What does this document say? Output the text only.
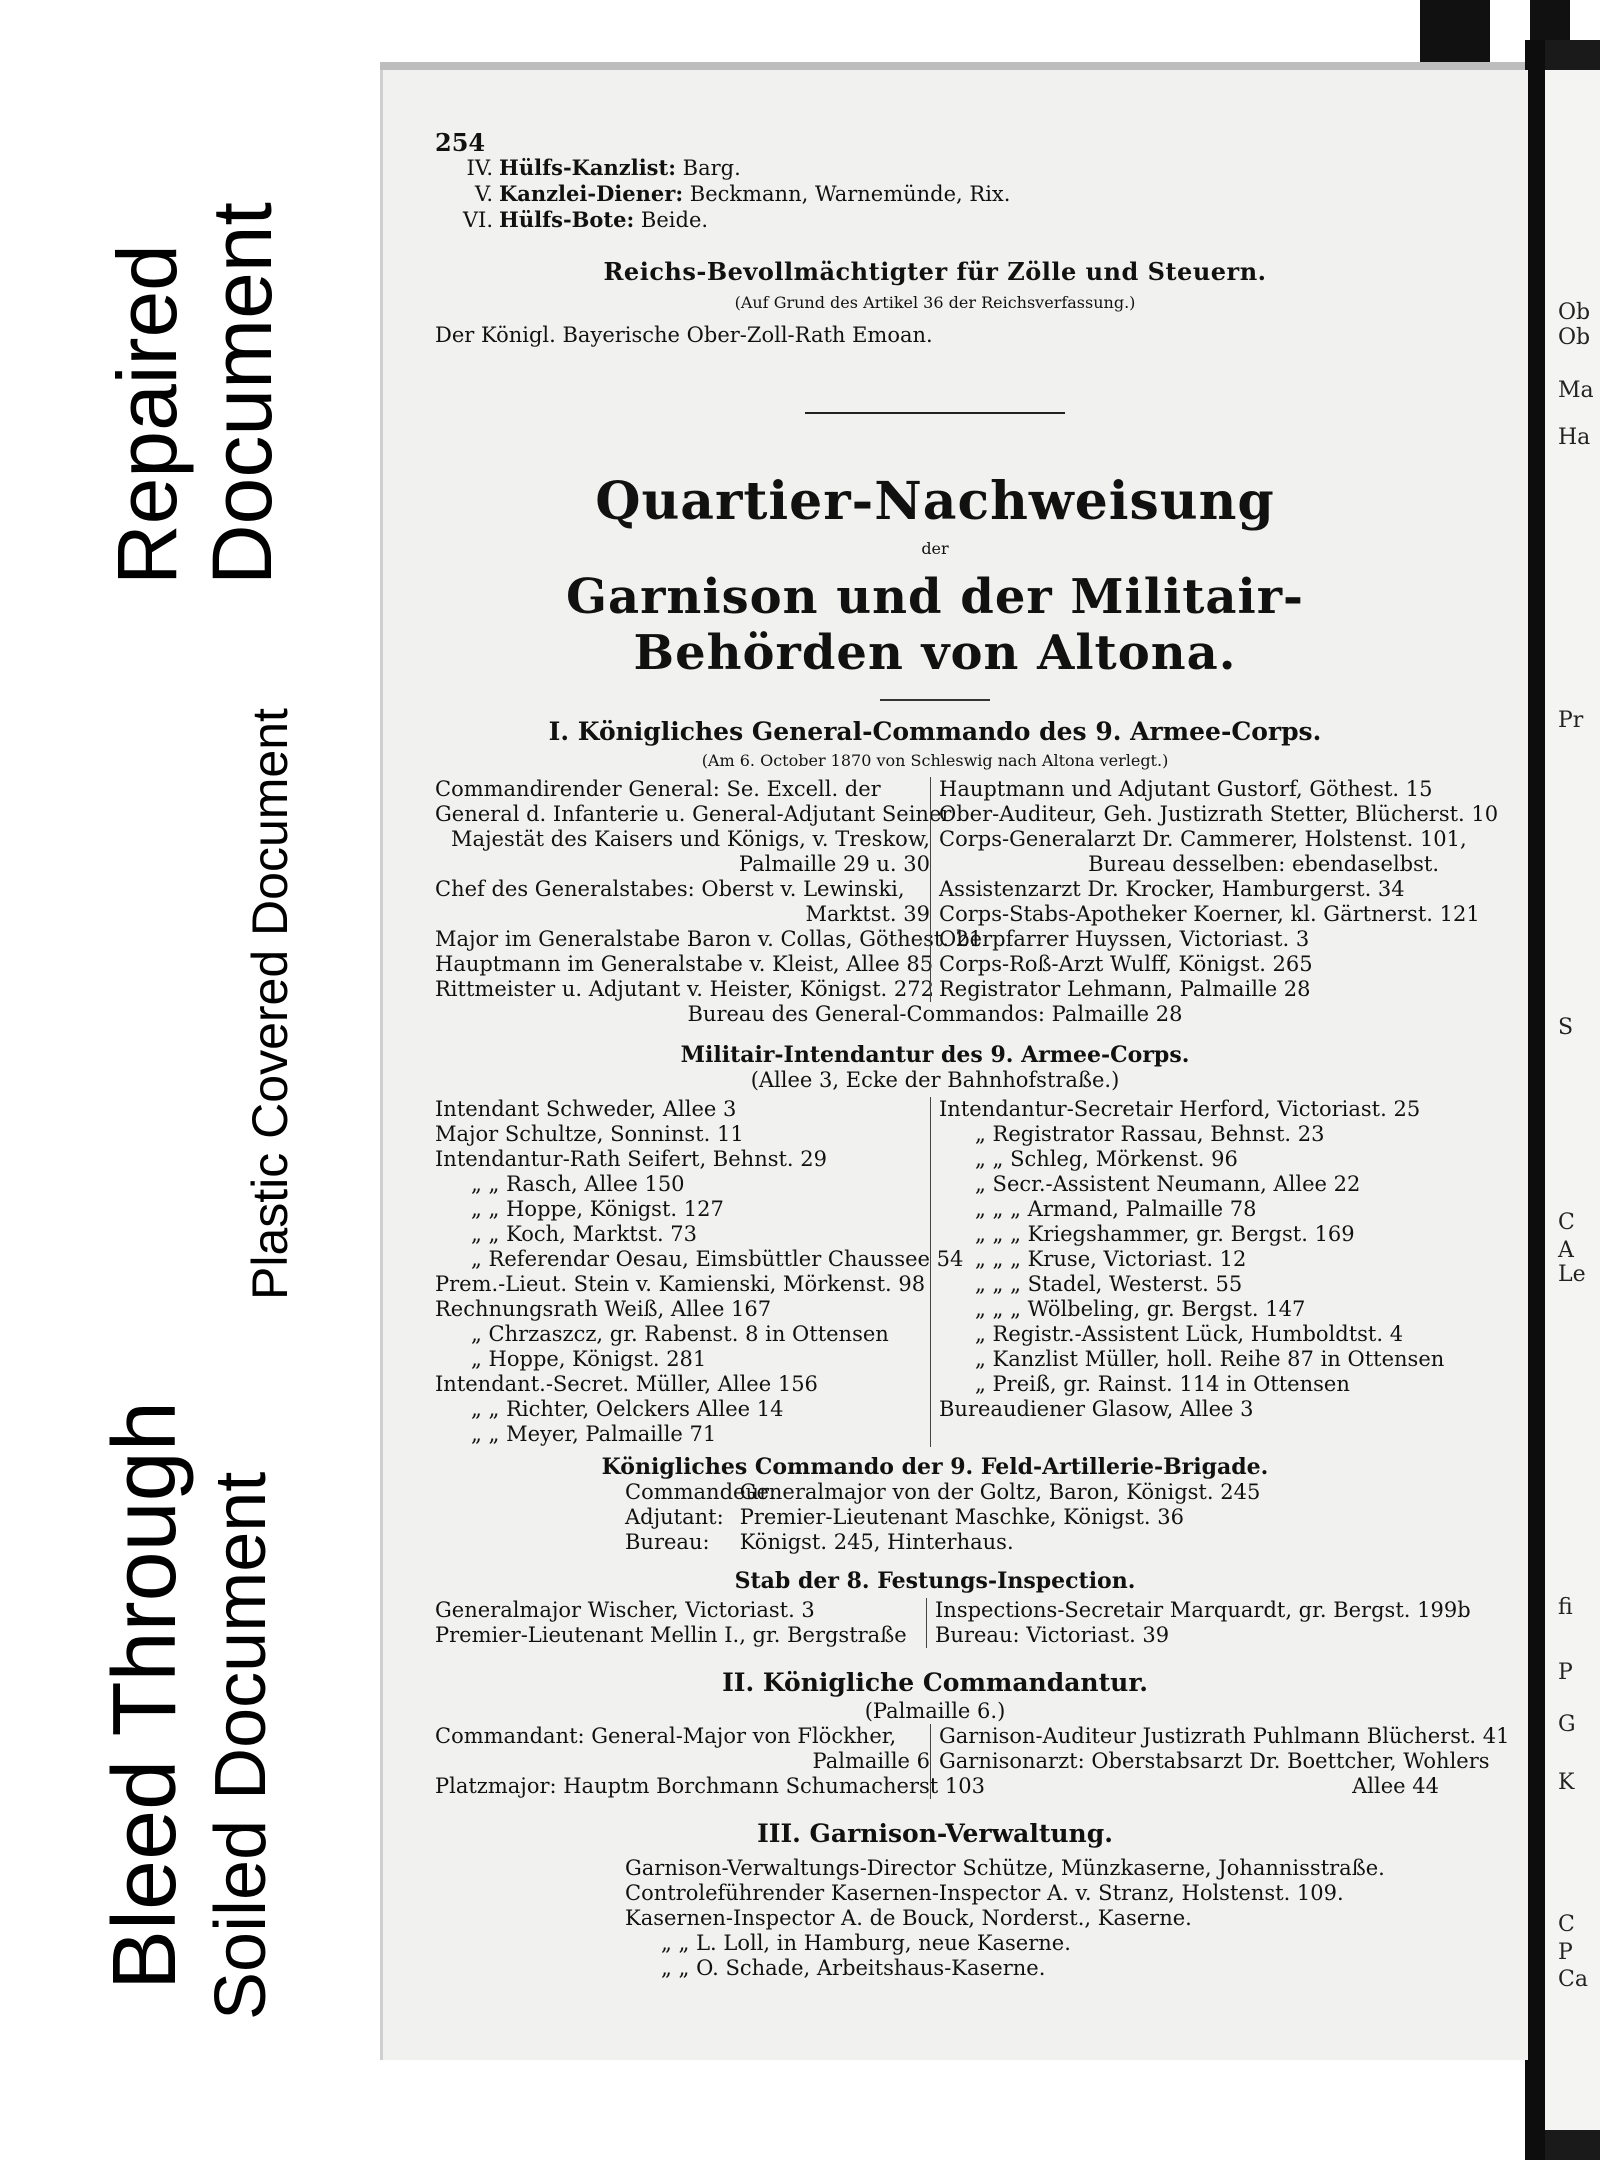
Repaired Document
Plastic Covered Document
Bleed Through Soiled Document
Ob
Ob
Ma
Ha
Pr
S
C
A
Le
fi
P
G
K
C
P
Ca
254
IV. Hülfs-Kanzlist: Barg.
V. Kanzlei-Diener: Beckmann, Warnemünde, Rix.
VI. Hülfs-Bote: Beide.
Reichs-Bevollmächtigter für Zölle und Steuern.
(Auf Grund des Artikel 36 der Reichsverfassung.)
Der Königl. Bayerische Ober-Zoll-Rath Emoan.
Quartier-Nachweisung
der
Garnison und der Militair-Behörden von Altona.
I. Königliches General-Commando des 9. Armee-Corps.
(Am 6. October 1870 von Schleswig nach Altona verlegt.)
Commandirender General: Se. Excell. der
General d. Infanterie u. General-Adjutant Seiner
Majestät des Kaisers und Königs, v. Treskow,
Palmaille 29 u. 30
Chef des Generalstabes: Oberst v. Lewinski,
Marktst. 39
Major im Generalstabe Baron v. Collas, Göthest. 21
Hauptmann im Generalstabe v. Kleist, Allee 85
Rittmeister u. Adjutant v. Heister, Königst. 272
Hauptmann und Adjutant Gustorf, Göthest. 15
Ober-Auditeur, Geh. Justizrath Stetter, Blücherst. 10
Corps-Generalarzt Dr. Cammerer, Holstenst. 101,
Bureau desselben: ebendaselbst.
Assistenzarzt Dr. Krocker, Hamburgerst. 34
Corps-Stabs-Apotheker Koerner, kl. Gärtnerst. 121
Oberpfarrer Huyssen, Victoriast. 3
Corps-Roß-Arzt Wulff, Königst. 265
Registrator Lehmann, Palmaille 28
Bureau des General-Commandos: Palmaille 28
Militair-Intendantur des 9. Armee-Corps.
(Allee 3, Ecke der Bahnhofstraße.)
Intendant Schweder, Allee 3
Major Schultze, Sonninst. 11
Intendantur-Rath Seifert, Behnst. 29
„ „ Rasch, Allee 150
„ „ Hoppe, Königst. 127
„ „ Koch, Marktst. 73
„ Referendar Oesau, Eimsbüttler Chaussee 54
Prem.-Lieut. Stein v. Kamienski, Mörkenst. 98
Rechnungsrath Weiß, Allee 167
„ Chrzaszcz, gr. Rabenst. 8 in Ottensen
„ Hoppe, Königst. 281
Intendant.-Secret. Müller, Allee 156
„ „ Richter, Oelckers Allee 14
„ „ Meyer, Palmaille 71
Intendantur-Secretair Herford, Victoriast. 25
„ Registrator Rassau, Behnst. 23
„ „ Schleg, Mörkenst. 96
„ Secr.-Assistent Neumann, Allee 22
„ „ „ Armand, Palmaille 78
„ „ „ Kriegshammer, gr. Bergst. 169
„ „ „ Kruse, Victoriast. 12
„ „ „ Stadel, Westerst. 55
„ „ „ Wölbeling, gr. Bergst. 147
„ Registr.-Assistent Lück, Humboldtst. 4
„ Kanzlist Müller, holl. Reihe 87 in Ottensen
„ Preiß, gr. Rainst. 114 in Ottensen
Bureaudiener Glasow, Allee 3
Königliches Commando der 9. Feld-Artillerie-Brigade.
Commandeur: Generalmajor von der Goltz, Baron, Königst. 245
Adjutant: Premier-Lieutenant Maschke, Königst. 36
Bureau: Königst. 245, Hinterhaus.
Stab der 8. Festungs-Inspection.
Generalmajor Wischer, Victoriast. 3
Premier-Lieutenant Mellin I., gr. Bergstraße
Inspections-Secretair Marquardt, gr. Bergst. 199b
Bureau: Victoriast. 39
II. Königliche Commandantur.
(Palmaille 6.)
Commandant: General-Major von Flöckher,
Palmaille 6
Platzmajor: Hauptm Borchmann Schumacherst 103
Garnison-Auditeur Justizrath Puhlmann Blücherst. 41
Garnisonarzt: Oberstabsarzt Dr. Boettcher, Wohlers
Allee 44
III. Garnison-Verwaltung.
Garnison-Verwaltungs-Director Schütze, Münzkaserne, Johannisstraße.
Controleführender Kasernen-Inspector A. v. Stranz, Holstenst. 109.
Kasernen-Inspector A. de Bouck, Norderst., Kaserne.
„ „ L. Loll, in Hamburg, neue Kaserne.
„ „ O. Schade, Arbeitshaus-Kaserne.
